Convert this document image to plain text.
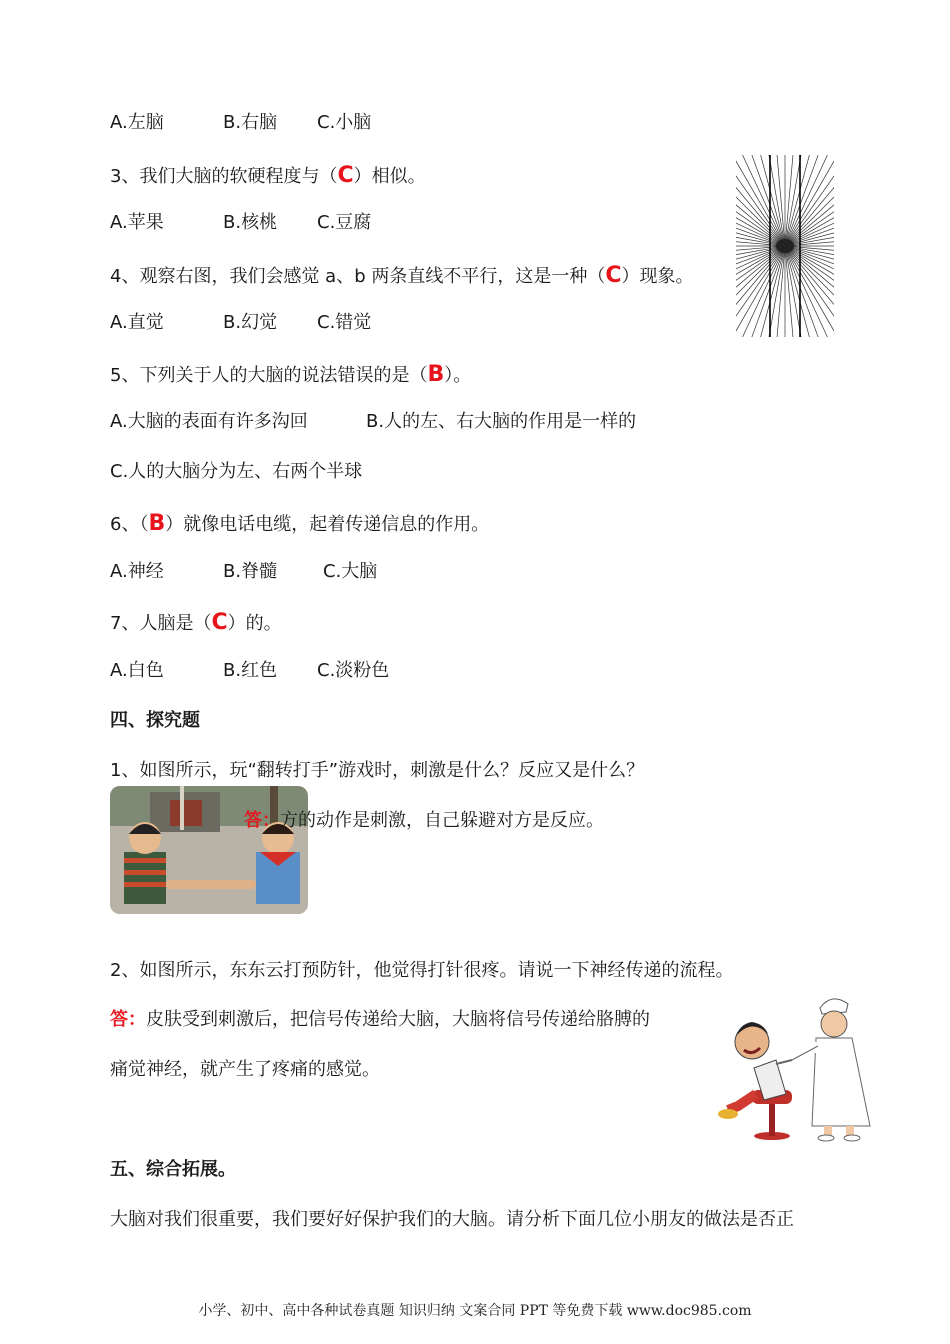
A.左脑	B.右脑 C.小脑
3、我们大脑的软硬程度与（C）相似。
A.苹果	B.核桃 C.豆腐
4、观察右图，我们会感觉 a、b 两条直线不平行，这是一种（C）现象。
A.直觉	B.幻觉 C.错觉
5、下列关于人的大脑的说法错误的是（B）。
A.大脑的表面有许多沟回	B.人的左、右大脑的作用是一样的
C.人的大脑分为左、右两个半球
6、（B）就像电话电缆，起着传递信息的作用。
A.神经	B.脊髓	C.大脑
7、人脑是（C）的。
A.白色	B.红色 C.淡粉色
四、探究题
1、如图所示，玩“翻转打手”游戏时，刺激是什么？反应又是什么？
答：方的动作是刺激，自己躲避对方是反应。
2、如图所示，东东云打预防针，他觉得打针很疼。请说一下神经传递的流程。
答：皮肤受到刺激后，把信号传递给大脑，大脑将信号传递给胳膊的
痛觉神经，就产生了疼痛的感觉。
五、综合拓展。
大脑对我们很重要，我们要好好保护我们的大脑。请分析下面几位小朋友的做法是否正
小学、初中、高中各种试卷真题 知识归纳 文案合同 PPT 等免费下载 www.doc985.com
